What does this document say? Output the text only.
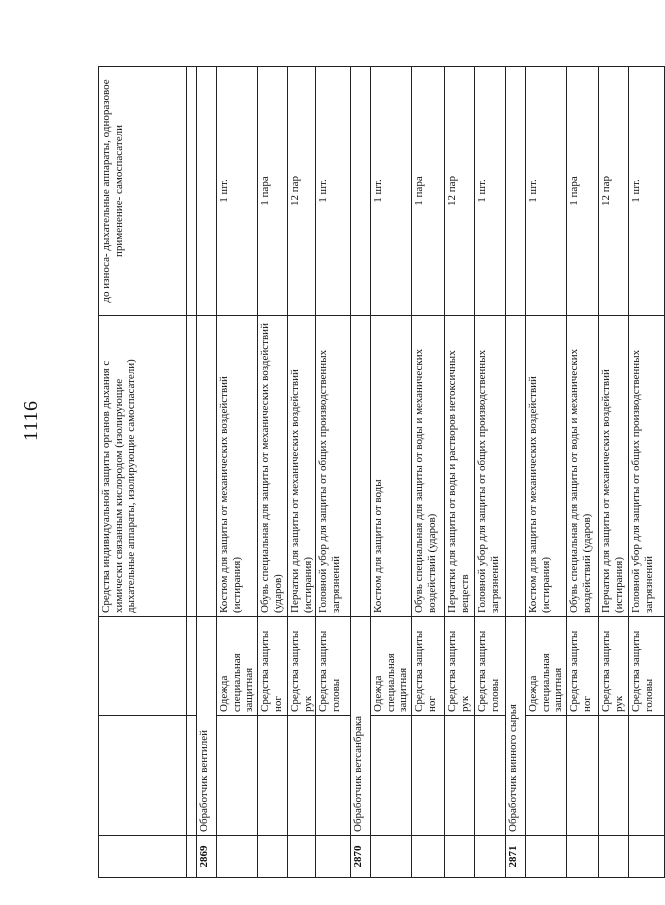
1116
				Средства индивидуальной защиты органов дыхания с химически связанным кислородом (изолирующие дыхательные аппараты, изолирующие самоспасатели)	до износа- дыхательные аппараты, одноразовое применение- самоспасатели

2869	Обработчик вентилей			
		Одежда специальная защитная	Костюм для защиты от механических воздействий (истирания)	1 шт.
		Средства защиты ног	Обувь специальная для защиты от механических воздействий (ударов)	1 пара
		Средства защиты рук	Перчатки для защиты от механических воздействий (истирания)	12 пар
		Средства защиты головы	Головной убор для защиты от общих производственных загрязнений	1 шт.
2870	Обработчик ветсанбрака			
		Одежда специальная защитная	Костюм для защиты от воды	1 шт.
		Средства защиты ног	Обувь специальная для защиты от воды и механических воздействий (ударов)	1 пара
		Средства защиты рук	Перчатки для защиты от воды и растворов нетоксичных веществ	12 пар
		Средства защиты головы	Головной убор для защиты от общих производственных загрязнений	1 шт.
2871	Обработчик винного сырья			
		Одежда специальная защитная	Костюм для защиты от механических воздействий (истирания)	1 шт.
		Средства защиты ног	Обувь специальная для защиты от воды и механических воздействий (ударов)	1 пара
		Средства защиты рук	Перчатки для защиты от механических воздействий (истирания)	12 пар
		Средства защиты головы	Головной убор для защиты от общих производственных загрязнений	1 шт.
